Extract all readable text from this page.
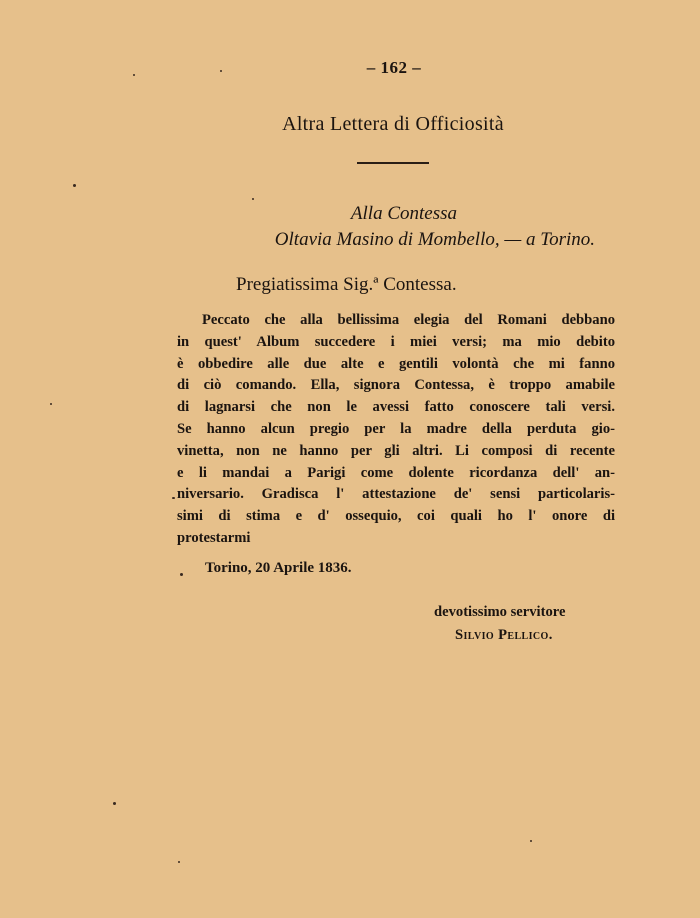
– 162 –
Altra Lettera di Officiosità
Alla Contessa
Oltavia Masino di Mombello, — a Torino.
Pregiatissima Sig.ª Contessa.
Peccato che alla bellissima elegia del Romani debbano
in quest' Album succedere i miei versi; ma mio debito
è obbedire alle due alte e gentili volontà che mi fanno
di ciò comando. Ella, signora Contessa, è troppo amabile
di lagnarsi che non le avessi fatto conoscere tali versi.
Se hanno alcun pregio per la madre della perduta gio-
vinetta, non ne hanno per gli altri. Li composi di recente
e li mandai a Parigi come dolente ricordanza dell' an-
niversario. Gradisca l' attestazione de' sensi particolaris-
simi di stima e d' ossequio, coi quali ho l' onore di
protestarmi
Torino, 20 Aprile 1836.
devotissimo servitore
Silvio Pellico.
